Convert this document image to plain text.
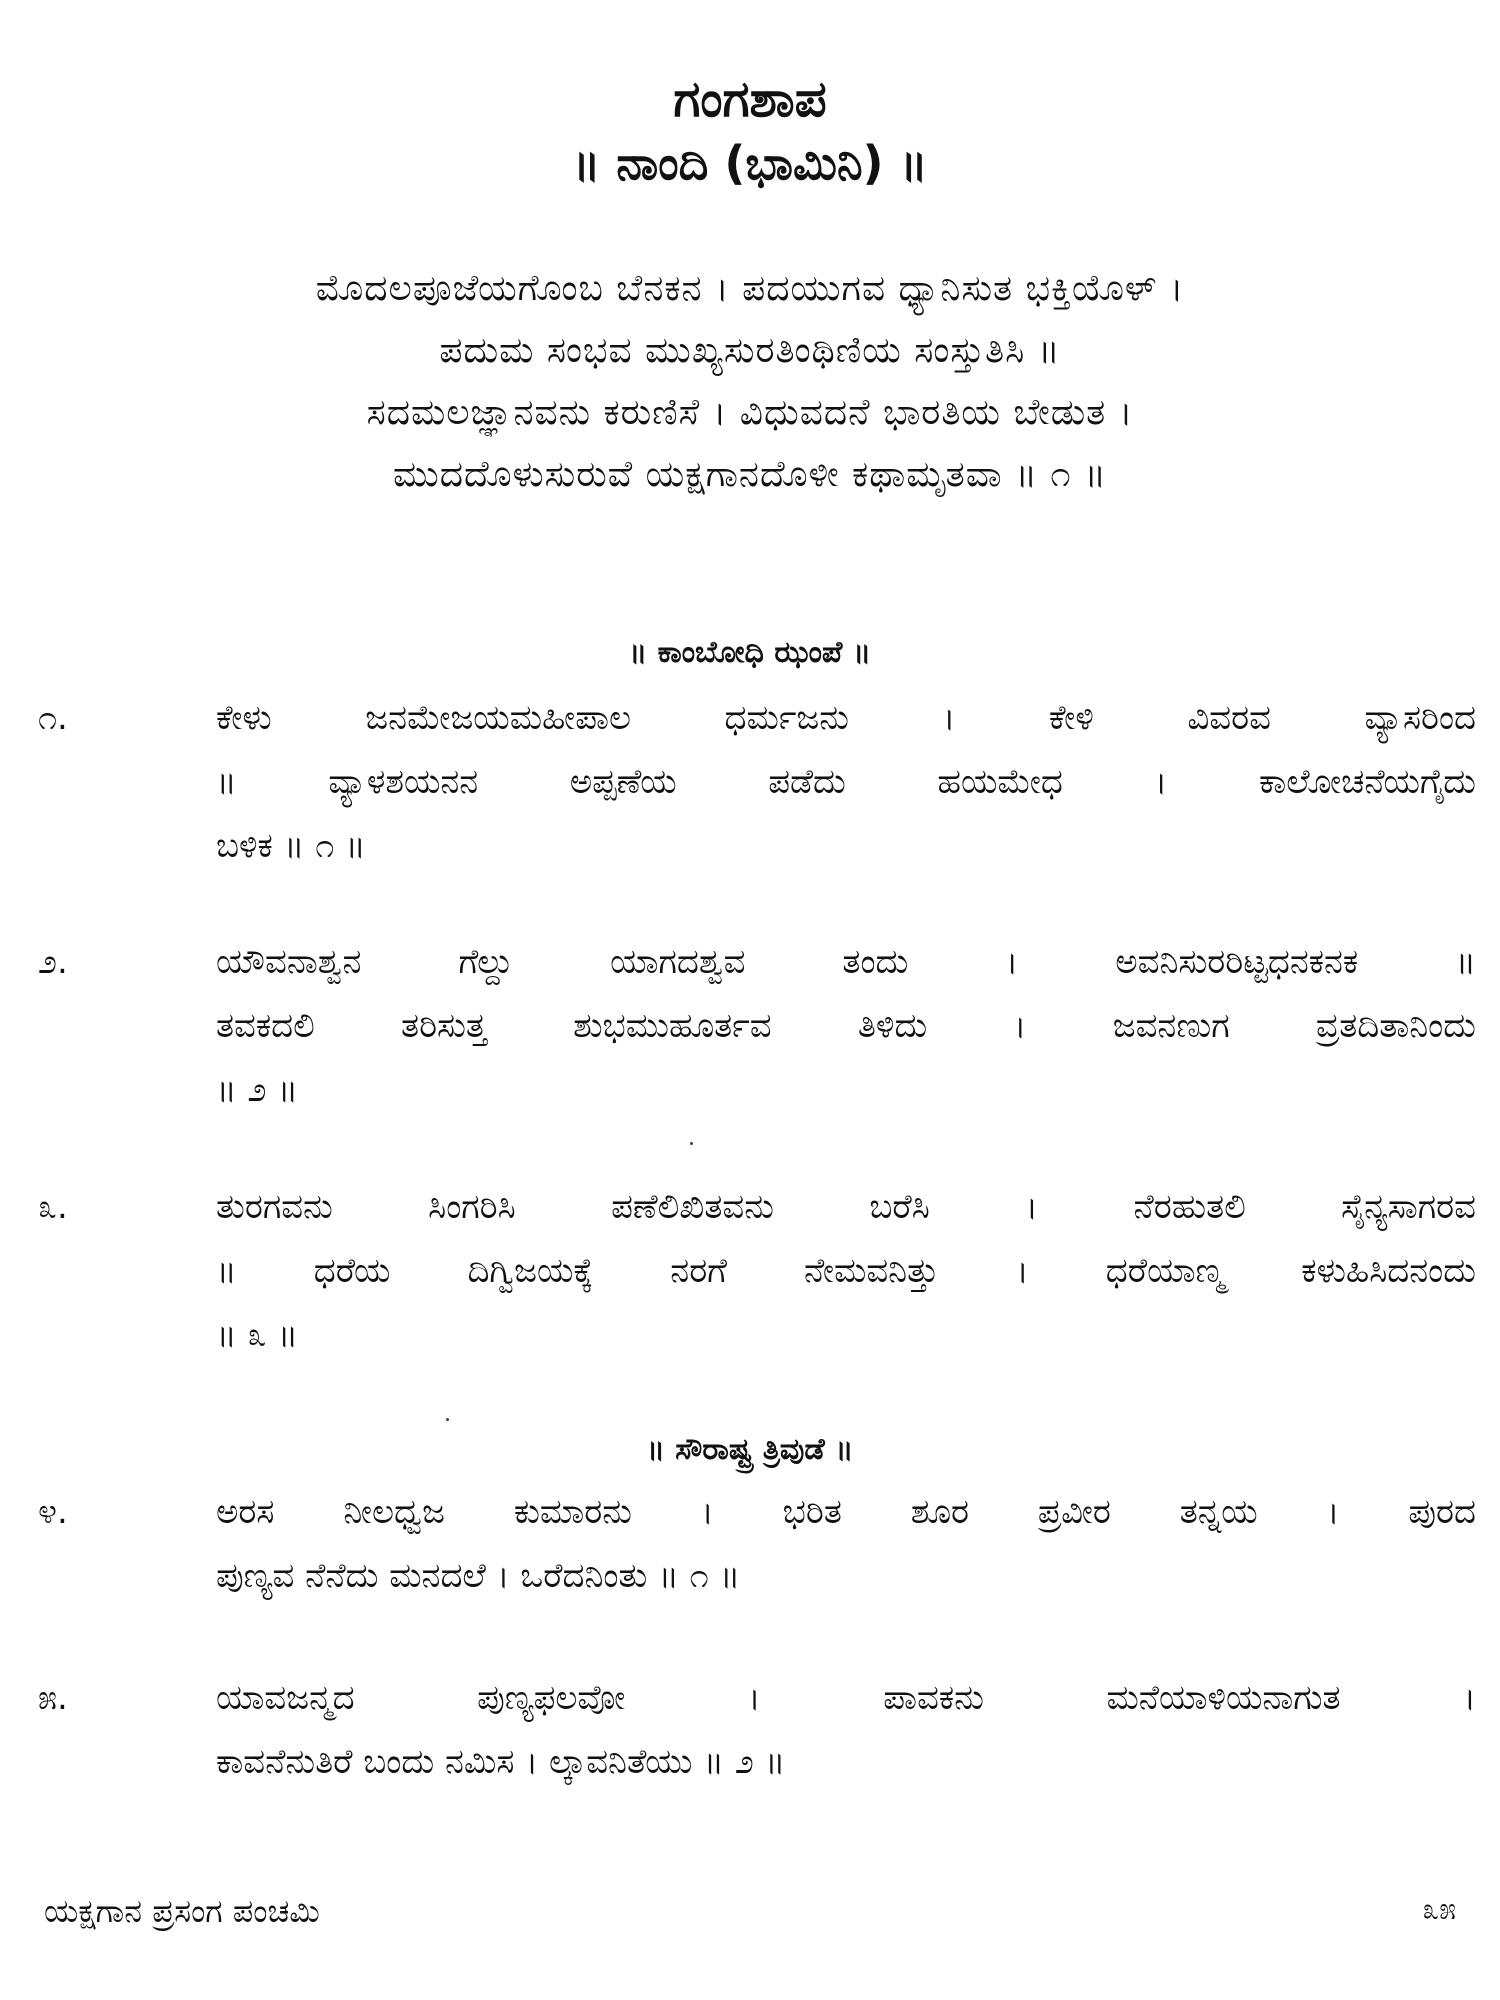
ಗಂಗಶಾಪ
॥ ನಾಂದಿ (ಭಾಮಿನಿ) ॥
ಮೊದಲಪೂಜೆಯಗೊಂಬ ಬೆನಕನ । ಪದಯುಗವ ಧ್ಯಾನಿಸುತ ಭಕ್ತಿಯೊಳ್ ।
ಪದುಮ ಸಂಭವ ಮುಖ್ಯಸುರತಿಂಥಿಣಿಯ ಸಂಸ್ತುತಿಸಿ ॥
ಸದಮಲಜ್ಞಾನವನು ಕರುಣಿಸೆ । ವಿಧುವದನೆ ಭಾರತಿಯ ಬೇಡುತ ।
ಮುದದೊಳುಸುರುವೆ ಯಕ್ಷಗಾನದೊಳೀ ಕಥಾಮೃತವಾ ॥ ೧ ॥
॥ ಕಾಂಬೋಧಿ ಝಂಪೆ ॥
೧.	ಕೇಳು ಜನಮೇಜಯಮಹೀಪಾಲ ಧರ್ಮಜನು । ಕೇಳಿ ವಿವರವ ವ್ಯಾಸರಿಂದ
॥ ವ್ಯಾಳಶಯನನ ಅಪ್ಪಣೆಯ ಪಡೆದು ಹಯಮೇಧ । ಕಾಲೋಚನೆಯಗೈದು
ಬಳಿಕ ॥ ೧ ॥
೨.	ಯೌವನಾಶ್ವನ ಗೆಲ್ದು ಯಾಗದಶ್ವವ ತಂದು । ಅವನಿಸುರರಿಟ್ಟಧನಕನಕ ॥
ತವಕದಲಿ ತರಿಸುತ್ತ ಶುಭಮುಹೂರ್ತವ ತಿಳಿದು । ಜವನಣುಗ ವ್ರತದಿತಾನಿಂದು
॥ ೨ ॥
೩.	ತುರಗವನು ಸಿಂಗರಿಸಿ ಪಣೆಲಿಖಿತವನು ಬರೆಸಿ । ನೆರಹುತಲಿ ಸೈನ್ಯಸಾಗರವ
॥ ಧರೆಯ ದಿಗ್ವಿಜಯಕ್ಕೆ ನರಗೆ ನೇಮವನಿತ್ತು । ಧರೆಯಾಣ್ಮ ಕಳುಹಿಸಿದನಂದು
॥ ೩ ॥
॥ ಸೌರಾಷ್ಟ್ರ ತ್ರಿವುಡೆ ॥
೪.	ಅರಸ ನೀಲಧ್ವಜ ಕುಮಾರನು । ಭರಿತ ಶೂರ ಪ್ರವೀರ ತನ್ನಯ । ಪುರದ
ಪುಣ್ಯವ ನೆನೆದು ಮನದಲೆ । ಒರೆದನಿಂತು ॥ ೧ ॥
೫.	ಯಾವಜನ್ಮದ ಪುಣ್ಯಫಲವೋ । ಪಾವಕನು ಮನೆಯಾಳಿಯನಾಗುತ ।
ಕಾವನೆನುತಿರೆ ಬಂದು ನಮಿಸ । ಲ್ಕಾವನಿತೆಯು ॥ ೨ ॥
ಯಕ್ಷಗಾನ ಪ್ರಸಂಗ ಪಂಚಮಿ	೩೫
